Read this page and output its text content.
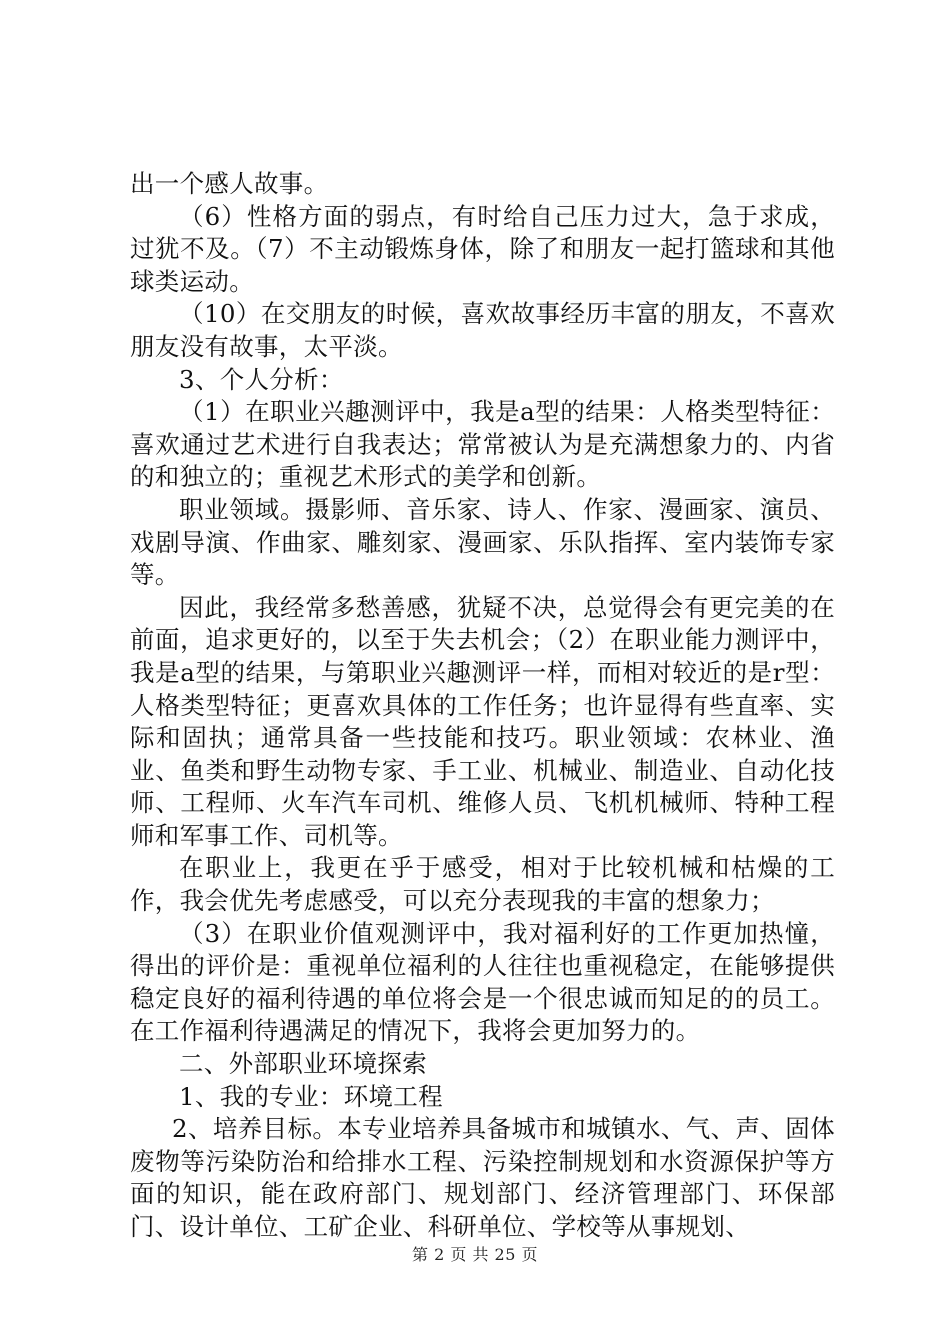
出一个感人故事。

（6）性格方面的弱点，有时给自己压力过大，急于求成，过犹不及。（7）不主动锻炼身体，除了和朋友一起打篮球和其他球类运动。

（10）在交朋友的时候，喜欢故事经历丰富的朋友，不喜欢朋友没有故事，太平淡。

3、个人分析：

（1）在职业兴趣测评中，我是a型的结果：人格类型特征：喜欢通过艺术进行自我表达；常常被认为是充满想象力的、内省的和独立的；重视艺术形式的美学和创新。

职业领域。摄影师、音乐家、诗人、作家、漫画家、演员、戏剧导演、作曲家、雕刻家、漫画家、乐队指挥、室内装饰专家等。

因此，我经常多愁善感，犹疑不决，总觉得会有更完美的在前面，追求更好的，以至于失去机会；（2）在职业能力测评中，我是a型的结果，与第职业兴趣测评一样，而相对较近的是r型：人格类型特征；更喜欢具体的工作任务；也许显得有些直率、实际和固执；通常具备一些技能和技巧。职业领域：农林业、渔业、鱼类和野生动物专家、手工业、机械业、制造业、自动化技师、工程师、火车汽车司机、维修人员、飞机机械师、特种工程师和军事工作、司机等。

在职业上，我更在乎于感受，相对于比较机械和枯燥的工作，我会优先考虑感受，可以充分表现我的丰富的想象力；

（3）在职业价值观测评中，我对福利好的工作更加热憧，得出的评价是：重视单位福利的人往往也重视稳定，在能够提供稳定良好的福利待遇的单位将会是一个很忠诚而知足的的员工。在工作福利待遇满足的情况下，我将会更加努力的。

二、外部职业环境探索

1、我的专业：环境工程

2、培养目标。本专业培养具备城市和城镇水、气、声、固体废物等污染防治和给排水工程、污染控制规划和水资源保护等方面的知识，能在政府部门、规划部门、经济管理部门、环保部门、设计单位、工矿企业、科研单位、学校等从事规划、

第 2 页 共 25 页
